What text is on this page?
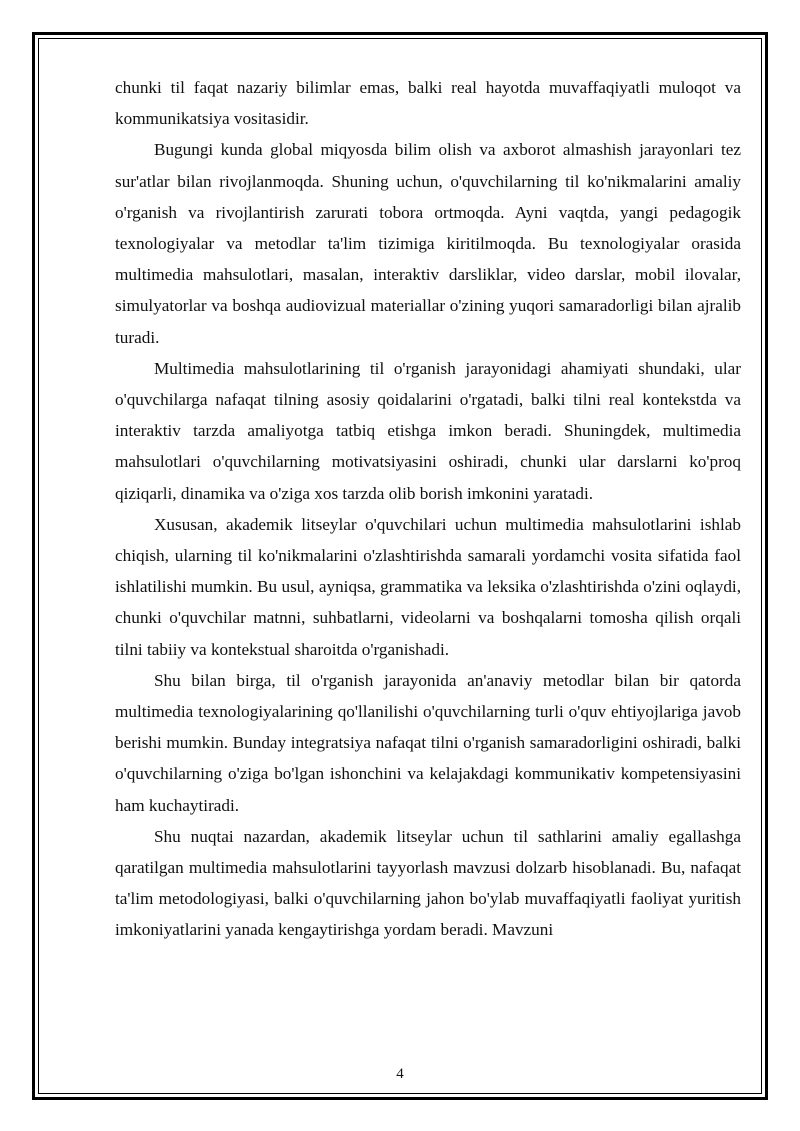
chunki til faqat nazariy bilimlar emas, balki real hayotda muvaffaqiyatli muloqot va kommunikatsiya vositasidir.

Bugungi kunda global miqyosda bilim olish va axborot almashish jarayonlari tez sur'atlar bilan rivojlanmoqda. Shuning uchun, o'quvchilarning til ko'nikmalarini amaliy o'rganish va rivojlantirish zarurati tobora ortmoqda. Ayni vaqtda, yangi pedagogik texnologiyalar va metodlar ta'lim tizimiga kiritilmoqda. Bu texnologiyalar orasida multimedia mahsulotlari, masalan, interaktiv darsliklar, video darslar, mobil ilovalar, simulyatorlar va boshqa audiovizual materiallar o'zining yuqori samaradorligi bilan ajralib turadi.

Multimedia mahsulotlarining til o'rganish jarayonidagi ahamiyati shundaki, ular o'quvchilarga nafaqat tilning asosiy qoidalarini o'rgatadi, balki tilni real kontekstda va interaktiv tarzda amaliyotga tatbiq etishga imkon beradi. Shuningdek, multimedia mahsulotlari o'quvchilarning motivatsiyasini oshiradi, chunki ular darslarni ko'proq qiziqarli, dinamika va o'ziga xos tarzda olib borish imkonini yaratadi.

Xususan, akademik litseylar o'quvchilari uchun multimedia mahsulotlarini ishlab chiqish, ularning til ko'nikmalarini o'zlashtirishda samarali yordamchi vosita sifatida faol ishlatilishi mumkin. Bu usul, ayniqsa, grammatika va leksika o'zlashtirishda o'zini oqlaydi, chunki o'quvchilar matnni, suhbatlarni, videolarni va boshqalarni tomosha qilish orqali tilni tabiiy va kontekstual sharoitda o'rganishadi.

Shu bilan birga, til o'rganish jarayonida an'anaviy metodlar bilan bir qatorda multimedia texnologiyalarining qo'llanilishi o'quvchilarning turli o'quv ehtiyojlariga javob berishi mumkin. Bunday integratsiya nafaqat tilni o'rganish samaradorligini oshiradi, balki o'quvchilarning o'ziga bo'lgan ishonchini va kelajakdagi kommunikativ kompetensiyasini ham kuchaytiradi.

Shu nuqtai nazardan, akademik litseylar uchun til sathlarini amaliy egallashga qaratilgan multimedia mahsulotlarini tayyorlash mavzusi dolzarb hisoblanadi. Bu, nafaqat ta'lim metodologiyasi, balki o'quvchilarning jahon bo'ylab muvaffaqiyatli faoliyat yuritish imkoniyatlarini yanada kengaytirishga yordam beradi. Mavzuni

4
